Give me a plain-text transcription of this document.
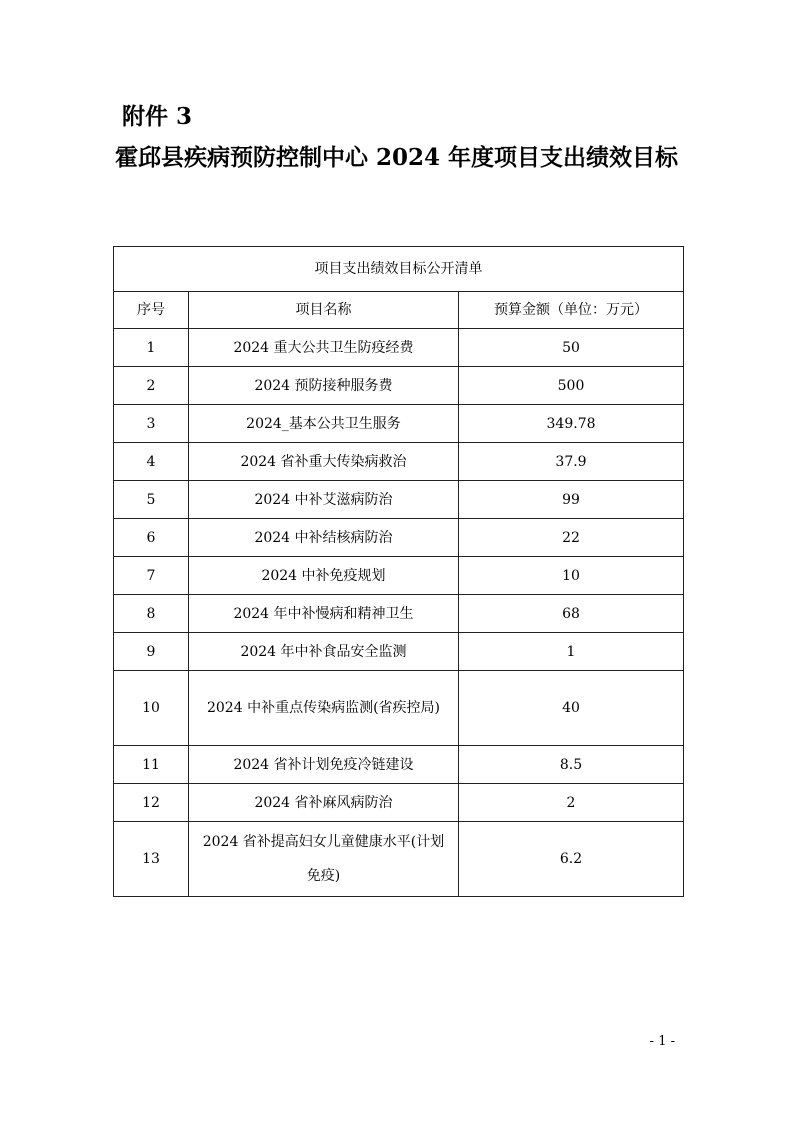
附件 3
霍邱县疾病预防控制中心 2024 年度项目支出绩效目标
项目支出绩效目标公开清单		
序号	项目名称	预算金额（单位：万元）
1	2024 重大公共卫生防疫经费	50
2	2024 预防接种服务费	500
3	2024_基本公共卫生服务	349.78
4	2024 省补重大传染病救治	37.9
5	2024 中补艾滋病防治	99
6	2024 中补结核病防治	22
7	2024 中补免疫规划	10
8	2024 年中补慢病和精神卫生	68
9	2024 年中补食品安全监测	1
10	2024 中补重点传染病监测(省疾控局)	40
11	2024 省补计划免疫冷链建设	8.5
12	2024 省补麻风病防治	2
13	2024 省补提高妇女儿童健康水平(计划免疫)	6.2
- 1 -
